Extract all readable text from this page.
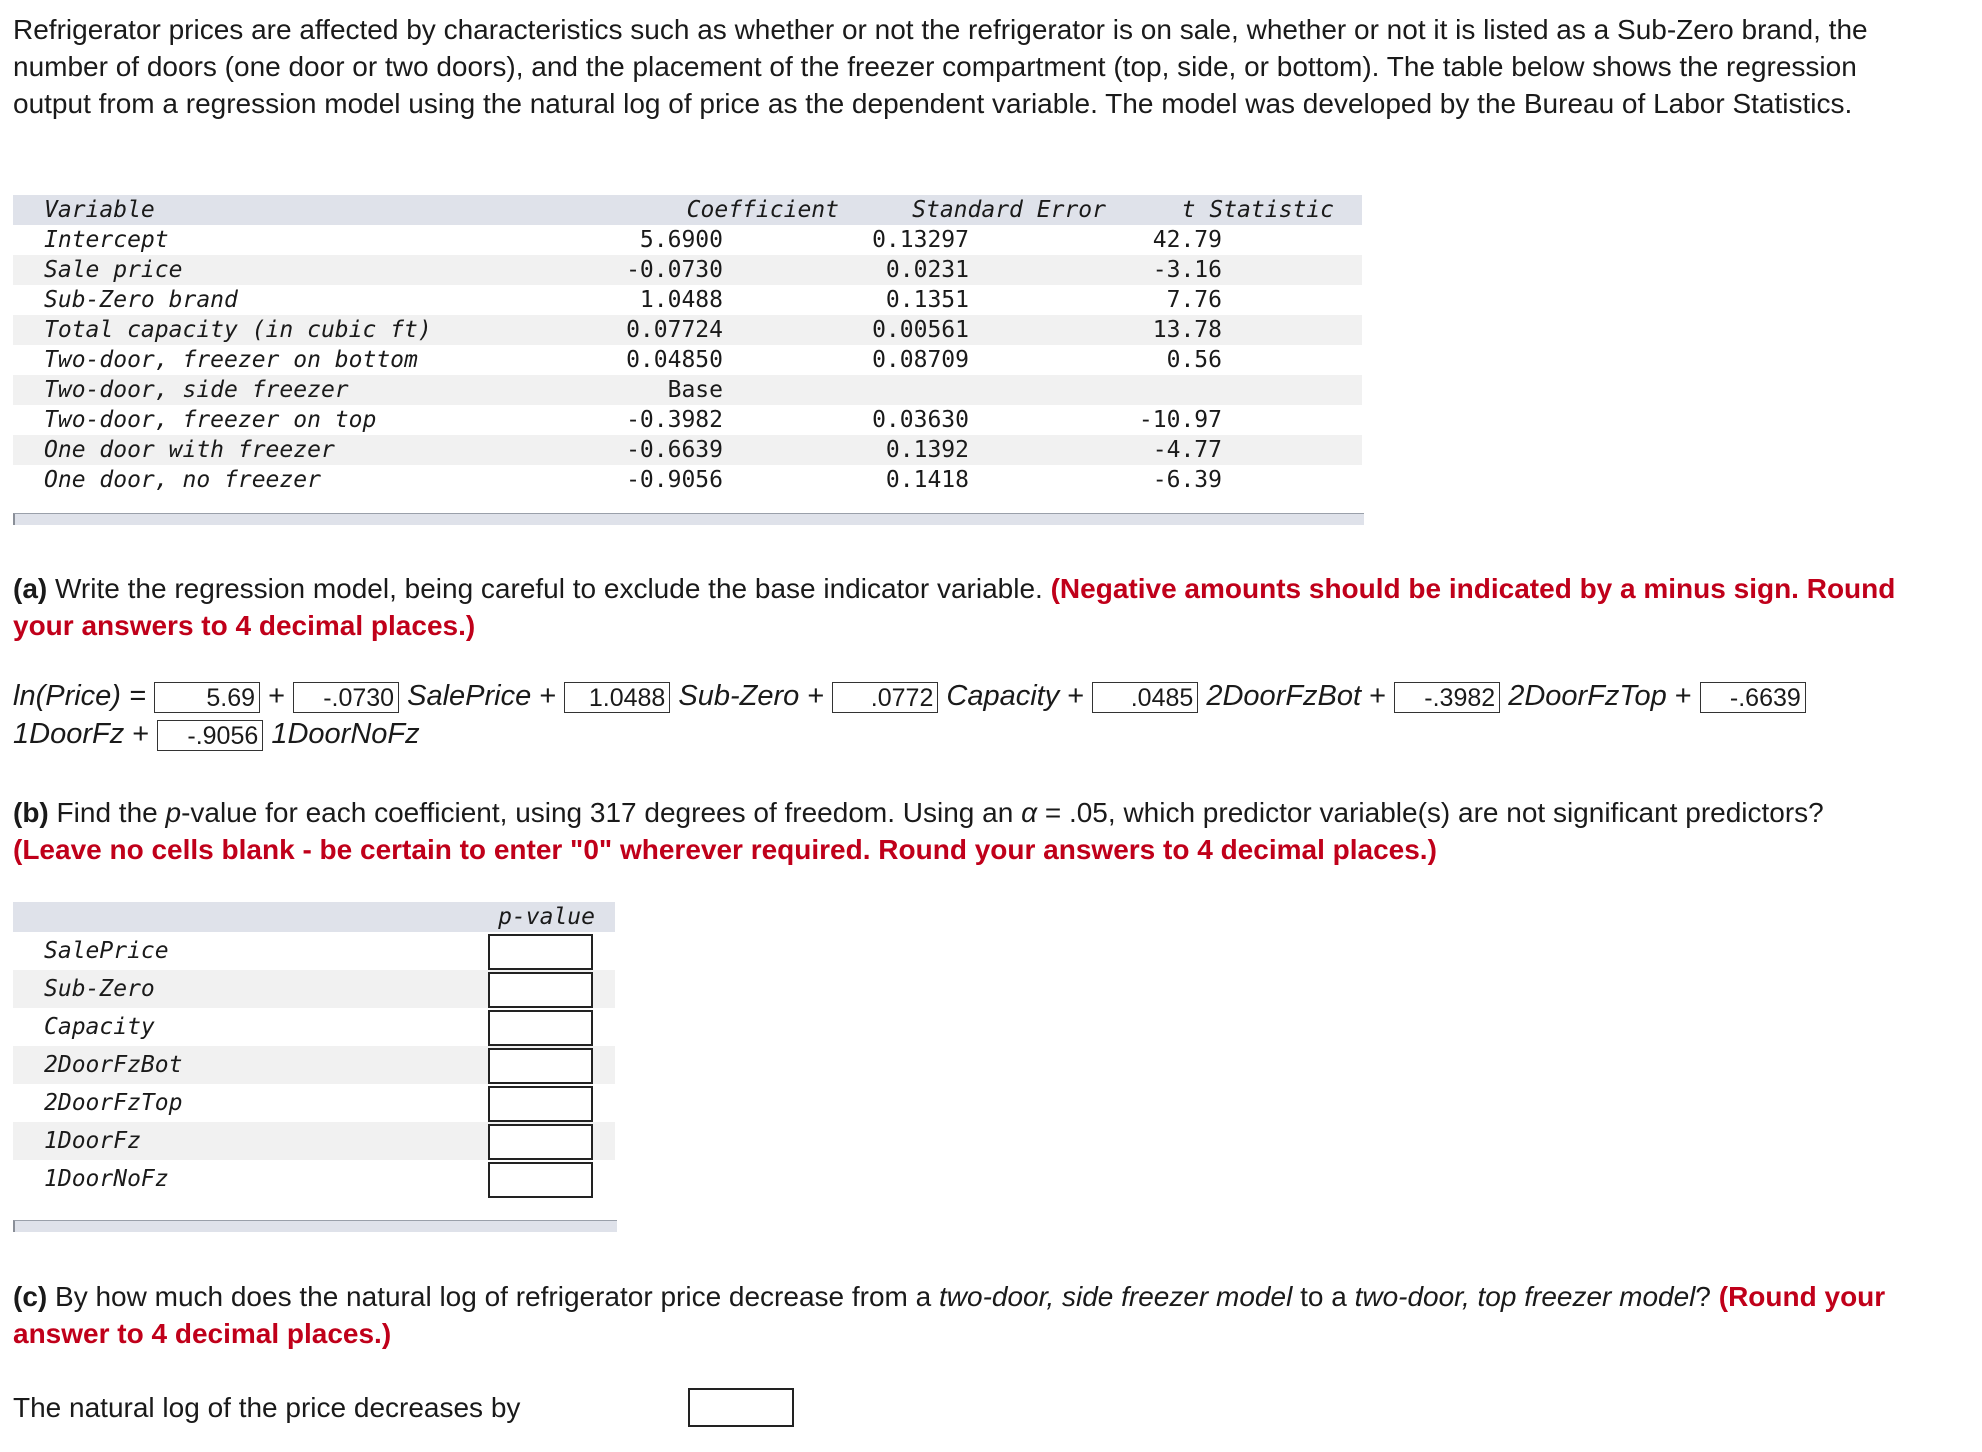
Refrigerator prices are affected by characteristics such as whether or not the refrigerator is on sale, whether or not it is listed as a Sub-Zero brand, the number of doors (one door or two doors), and the placement of the freezer compartment (top, side, or bottom). The table below shows the regression output from a regression model using the natural log of price as the dependent variable. The model was developed by the Bureau of Labor Statistics.
Variable	Coefficient	Standard Error	t Statistic
Intercept	5.6900	0.13297	42.79
Sale price	-0.0730	0.0231	-3.16
Sub-Zero brand	1.0488	0.1351	7.76
Total capacity (in cubic ft)	0.07724	0.00561	13.78
Two-door, freezer on bottom	0.04850	0.08709	0.56
Two-door, side freezer	Base
Two-door, freezer on top	-0.3982	0.03630	-10.97
One door with freezer	-0.6639	0.1392	-4.77
One door, no freezer	-0.9056	0.1418	-6.39
(a) Write the regression model, being careful to exclude the base indicator variable. (Negative amounts should be indicated by a minus sign. Round your answers to 4 decimal places.)
ln(Price) = 5.69 + -.0730 SalePrice + 1.0488 Sub-Zero + .0772 Capacity + .0485 2DoorFzBot + -.3982 2DoorFzTop + -.6639
1DoorFz + -.9056 1DoorNoFz
(b) Find the p-value for each coefficient, using 317 degrees of freedom. Using an α = .05, which predictor variable(s) are not significant predictors? (Leave no cells blank - be certain to enter "0" wherever required. Round your answers to 4 decimal places.)
p-value
SalePrice
Sub-Zero
Capacity
2DoorFzBot
2DoorFzTop
1DoorFz
1DoorNoFz
(c) By how much does the natural log of refrigerator price decrease from a two-door, side freezer model to a two-door, top freezer model? (Round your answer to 4 decimal places.)
The natural log of the price decreases by
